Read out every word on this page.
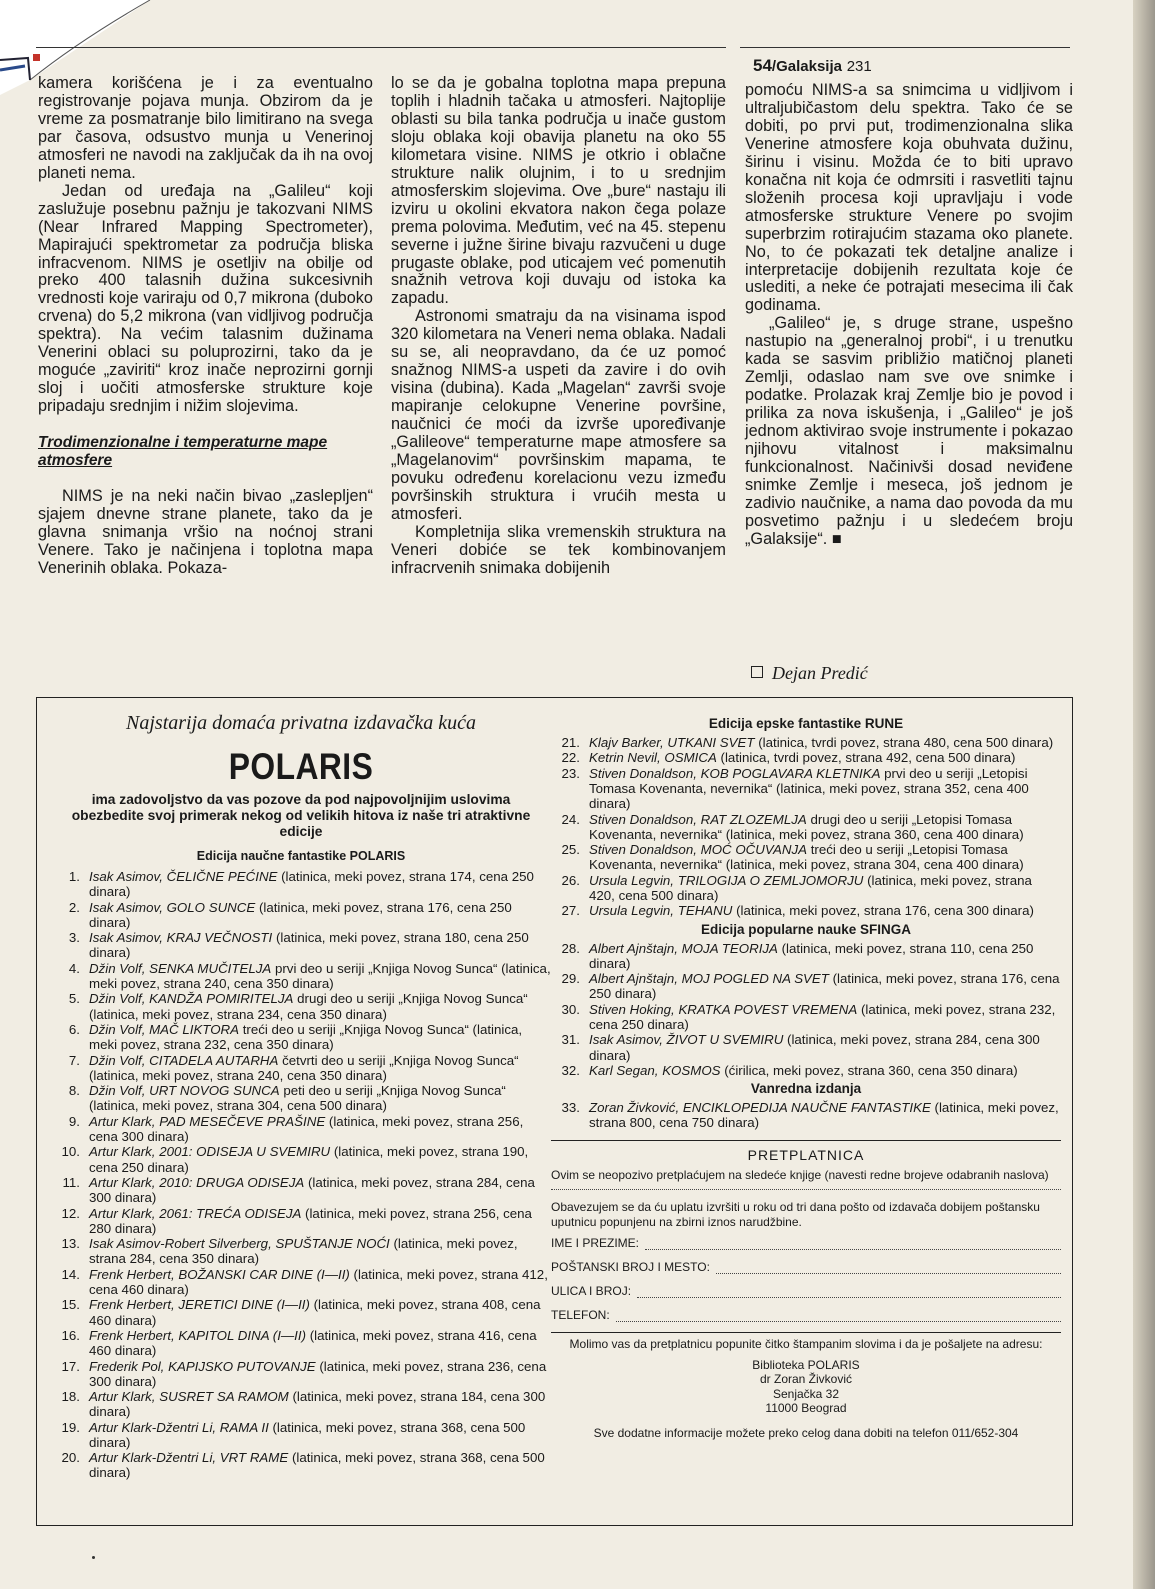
54/Galaksija 231

kamera korišćena je i za eventualno registrovanje pojava munja. Obzirom da je vreme za posmatranje bilo limitirano na svega par časova, odsustvo munja u Venerinoj atmosferi ne navodi na zaključak da ih na ovoj planeti nema.

Jedan od uređaja na „Galileu“ koji zaslužuje posebnu pažnju je takozvani NIMS (Near Infrared Mapping Spectrometer), Mapirajući spektrometar za područja bliska infracvenom. NIMS je osetljiv na obilje od preko 400 talasnih dužina sukcesivnih vrednosti koje variraju od 0,7 mikrona (duboko crvena) do 5,2 mikrona (van vidljivog područja spektra). Na većim talasnim dužinama Venerini oblaci su poluprozirni, tako da je moguće „zaviriti“ kroz inače neprozirni gornji sloj i uočiti atmosferske strukture koje pripadaju srednjim i nižim slojevima.

Trodimenzionalne i temperaturne mape atmosfere

NIMS je na neki način bivao „zaslepljen“ sjajem dnevne strane planete, tako da je glavna snimanja vršio na noćnoj strani Venere. Tako je načinjena i toplotna mapa Venerinih oblaka. Pokaza-

lo se da je gobalna toplotna mapa prepuna toplih i hladnih tačaka u atmosferi. Najtoplije oblasti su bila tanka područja u inače gustom sloju oblaka koji obavija planetu na oko 55 kilometara visine. NIMS je otkrio i oblačne strukture nalik olujnim, i to u srednjim atmosferskim slojevima. Ove „bure“ nastaju ili izviru u okolini ekvatora nakon čega polaze prema polovima. Međutim, već na 45. stepenu severne i južne širine bivaju razvučeni u duge prugaste oblake, pod uticajem već pomenutih snažnih vetrova koji duvaju od istoka ka zapadu.

Astronomi smatraju da na visinama ispod 320 kilometara na Veneri nema oblaka. Nadali su se, ali neopravdano, da će uz pomoć snažnog NIMS-a uspeti da zavire i do ovih visina (dubina). Kada „Magelan“ završi svoje mapiranje celokupne Venerine površine, naučnici će moći da izvrše upoređivanje „Galileove“ temperaturne mape atmosfere sa „Magelanovim“ površinskim mapama, te povuku određenu korelacionu vezu između površinskih struktura i vrućih mesta u atmosferi.

Kompletnija slika vremenskih struktura na Veneri dobiće se tek kombinovanjem infracrvenih snimaka dobijenih

pomoću NIMS-a sa snimcima u vidljivom i ultraljubičastom delu spektra. Tako će se dobiti, po prvi put, trodimenzionalna slika Venerine atmosfere koja obuhvata dužinu, širinu i visinu. Možda će to biti upravo konačna nit koja će odmrsiti i rasvetliti tajnu složenih procesa koji upravljaju i vode atmosferske strukture Venere po svojim superbrzim rotirajućim stazama oko planete. No, to će pokazati tek detaljne analize i interpretacije dobijenih rezultata koje će uslediti, a neke će potrajati mesecima ili čak godinama.

„Galileo“ je, s druge strane, uspešno nastupio na „generalnoj probi“, i u trenutku kada se sasvim približio matičnoj planeti Zemlji, odaslao nam sve ove snimke i podatke. Prolazak kraj Zemlje bio je povod i prilika za nova iskušenja, i „Galileo“ je još jednom aktivirao svoje instrumente i pokazao njihovu vitalnost i maksimalnu funkcionalnost. Načinivši dosad neviđene snimke Zemlje i meseca, još jednom je zadivio naučnike, a nama dao povoda da mu posvetimo pažnju i u sledećem broju „Galaksije“. ■

Dejan Predić

Najstarija domaća privatna izdavačka kuća

POLARIS

ima zadovoljstvo da vas pozove da pod najpovoljnijim uslovima obezbedite svoj primerak nekog od velikih hitova iz naše tri atraktivne edicije

Edicija naučne fantastike POLARIS
1. Isak Asimov, ČELIČNE PEĆINE (latinica, meki povez, strana 174, cena 250 dinara)
2. Isak Asimov, GOLO SUNCE (latinica, meki povez, strana 176, cena 250 dinara)
3. Isak Asimov, KRAJ VEČNOSTI (latinica, meki povez, strana 180, cena 250 dinara)
4. Džin Volf, SENKA MUČITELJA prvi deo u seriji „Knjiga Novog Sunca“ (latinica, meki povez, strana 240, cena 350 dinara)
5. Džin Volf, KANDŽA POMIRITELJA drugi deo u seriji „Knjiga Novog Sunca“ (latinica, meki povez, strana 234, cena 350 dinara)
6. Džin Volf, MAČ LIKTORA treći deo u seriji „Knjiga Novog Sunca“ (latinica, meki povez, strana 232, cena 350 dinara)
7. Džin Volf, CITADELA AUTARHA četvrti deo u seriji „Knjiga Novog Sunca“ (latinica, meki povez, strana 240, cena 350 dinara)
8. Džin Volf, URT NOVOG SUNCA peti deo u seriji „Knjiga Novog Sunca“ (latinica, meki povez, strana 304, cena 500 dinara)
9. Artur Klark, PAD MESEČEVE PRAŠINE (latinica, meki povez, strana 256, cena 300 dinara)
10. Artur Klark, 2001: ODISEJA U SVEMIRU (latinica, meki povez, strana 190, cena 250 dinara)
11. Artur Klark, 2010: DRUGA ODISEJA (latinica, meki povez, strana 284, cena 300 dinara)
12. Artur Klark, 2061: TREĆA ODISEJA (latinica, meki povez, strana 256, cena 280 dinara)
13. Isak Asimov-Robert Silverberg, SPUŠTANJE NOĆI (latinica, meki povez, strana 284, cena 350 dinara)
14. Frenk Herbert, BOŽANSKI CAR DINE (I—II) (latinica, meki povez, strana 412, cena 460 dinara)
15. Frenk Herbert, JERETICI DINE (I—II) (latinica, meki povez, strana 408, cena 460 dinara)
16. Frenk Herbert, KAPITOL DINA (I—II) (latinica, meki povez, strana 416, cena 460 dinara)
17. Frederik Pol, KAPIJSKO PUTOVANJE (latinica, meki povez, strana 236, cena 300 dinara)
18. Artur Klark, SUSRET SA RAMOM (latinica, meki povez, strana 184, cena 300 dinara)
19. Artur Klark-Džentri Li, RAMA II (latinica, meki povez, strana 368, cena 500 dinara)
20. Artur Klark-Džentri Li, VRT RAME (latinica, meki povez, strana 368, cena 500 dinara)
Edicija epske fantastike RUNE
21. Klajv Barker, UTKANI SVET (latinica, tvrdi povez, strana 480, cena 500 dinara)
22. Ketrin Nevil, OSMICA (latinica, tvrdi povez, strana 492, cena 500 dinara)
23. Stiven Donaldson, KOB POGLAVARA KLETNIKA prvi deo u seriji „Letopisi Tomasa Kovenanta, nevernika“ (latinica, meki povez, strana 352, cena 400 dinara)
24. Stiven Donaldson, RAT ZLOZEMLJA drugi deo u seriji „Letopisi Tomasa Kovenanta, nevernika“ (latinica, meki povez, strana 360, cena 400 dinara)
25. Stiven Donaldson, MOĆ OČUVANJA treći deo u seriji „Letopisi Tomasa Kovenanta, nevernika“ (latinica, meki povez, strana 304, cena 400 dinara)
26. Ursula Legvin, TRILOGIJA O ZEMLJOMORJU (latinica, meki povez, strana 420, cena 500 dinara)
27. Ursula Legvin, TEHANU (latinica, meki povez, strana 176, cena 300 dinara)
Edicija popularne nauke SFINGA
28. Albert Ajnštajn, MOJA TEORIJA (latinica, meki povez, strana 110, cena 250 dinara)
29. Albert Ajnštajn, MOJ POGLED NA SVET (latinica, meki povez, strana 176, cena 250 dinara)
30. Stiven Hoking, KRATKA POVEST VREMENA (latinica, meki povez, strana 232, cena 250 dinara)
31. Isak Asimov, ŽIVOT U SVEMIRU (latinica, meki povez, strana 284, cena 300 dinara)
32. Karl Segan, KOSMOS (ćirilica, meki povez, strana 360, cena 350 dinara)
Vanredna izdanja
33. Zoran Živković, ENCIKLOPEDIJA NAUČNE FANTASTIKE (latinica, meki povez, strana 800, cena 750 dinara)
PRETPLATNICA

Ovim se neopozivo pretplaćujem na sledeće knjige (navesti redne brojeve odabranih naslova)

Obavezujem se da ću uplatu izvršiti u roku od tri dana pošto od izdavača dobijem poštansku uputnicu popunjenu na zbirni iznos narudžbine.

IME I PREZIME:
POŠTANSKI BROJ I MESTO:
ULICA I BROJ:
TELEFON:

Molimo vas da pretplatnicu popunite čitko štampanim slovima i da je pošaljete na adresu:

Biblioteka POLARIS
dr Zoran Živković
Senjačka 32
11000 Beograd
Sve dodatne informacije možete preko celog dana dobiti na telefon 011/652-304
